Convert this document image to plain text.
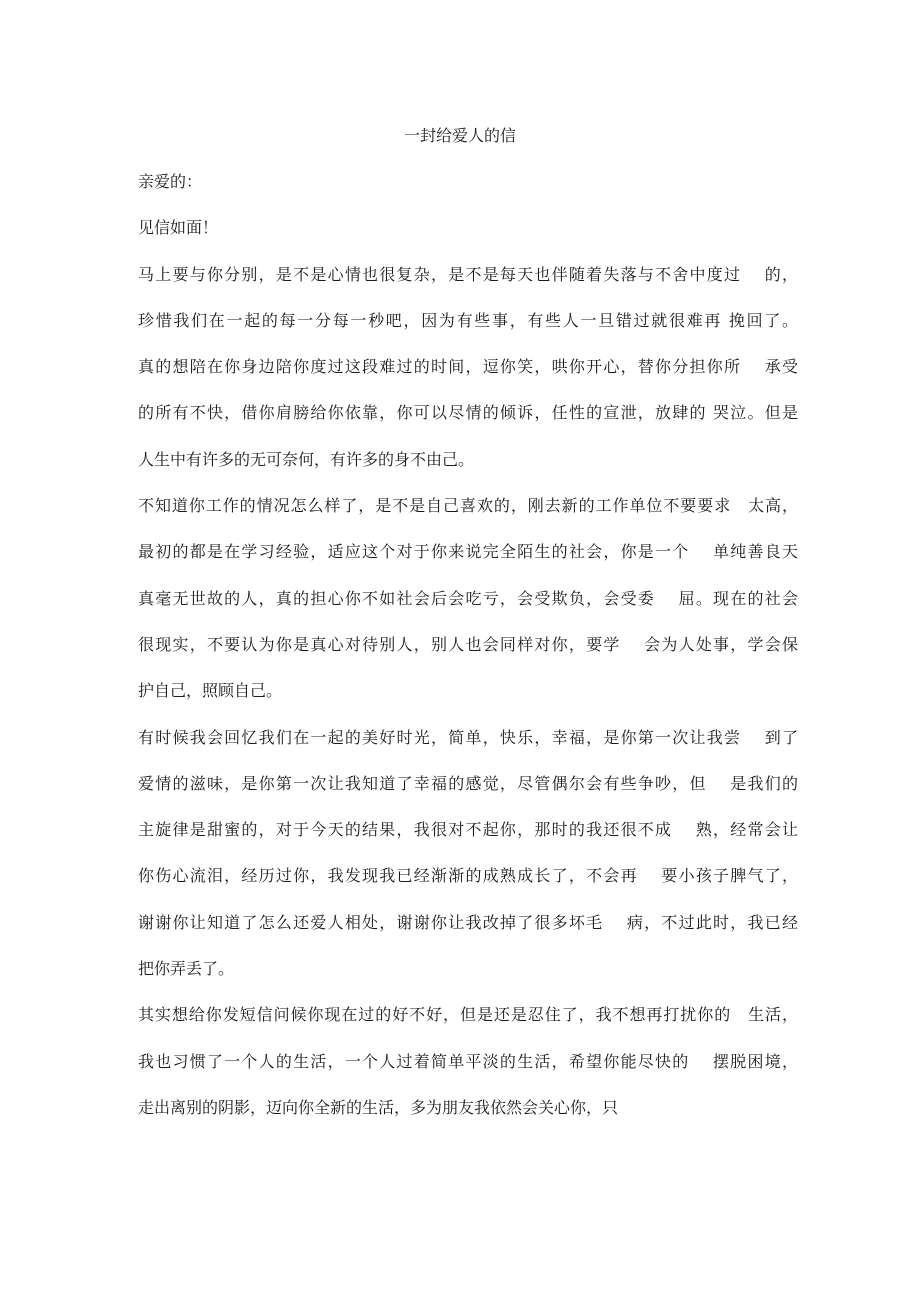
一封给爱人的信
亲爱的：
见信如面！
马上要与你分别，是不是心情也很复杂，是不是每天也伴随着失落与不舍中度过　 的，
珍惜我们在一起的每一分每一秒吧，因为有些事，有些人一旦错过就很难再 挽回了。
真的想陪在你身边陪你度过这段难过的时间，逗你笑，哄你开心，替你分担你所　 承受
的所有不快，借你肩膀给你依靠，你可以尽情的倾诉，任性的宣泄，放肆的 哭泣。但是
人生中有许多的无可奈何，有许多的身不由己。
不知道你工作的情况怎么样了，是不是自己喜欢的，刚去新的工作单位不要要求　太高，
最初的都是在学习经验，适应这个对于你来说完全陌生的社会，你是一个　 单纯善良天
真毫无世故的人，真的担心你不如社会后会吃亏，会受欺负，会受委　 屈。现在的社会
很现实，不要认为你是真心对待别人，别人也会同样对你，要学　 会为人处事，学会保
护自己，照顾自己。
有时候我会回忆我们在一起的美好时光，简单，快乐，幸福，是你第一次让我尝　 到了
爱情的滋味，是你第一次让我知道了幸福的感觉，尽管偶尔会有些争吵，但　 是我们的
主旋律是甜蜜的，对于今天的结果，我很对不起你，那时的我还很不成　 熟，经常会让
你伤心流泪，经历过你，我发现我已经渐渐的成熟成长了，不会再　 要小孩子脾气了，
谢谢你让知道了怎么还爱人相处，谢谢你让我改掉了很多坏毛　 病，不过此时，我已经
把你弄丢了。
其实想给你发短信问候你现在过的好不好，但是还是忍住了，我不想再打扰你的　生活，
我也习惯了一个人的生活，一个人过着简单平淡的生活，希望你能尽快的　 摆脱困境，
走出离别的阴影，迈向你全新的生活，多为朋友我依然会关心你，只
